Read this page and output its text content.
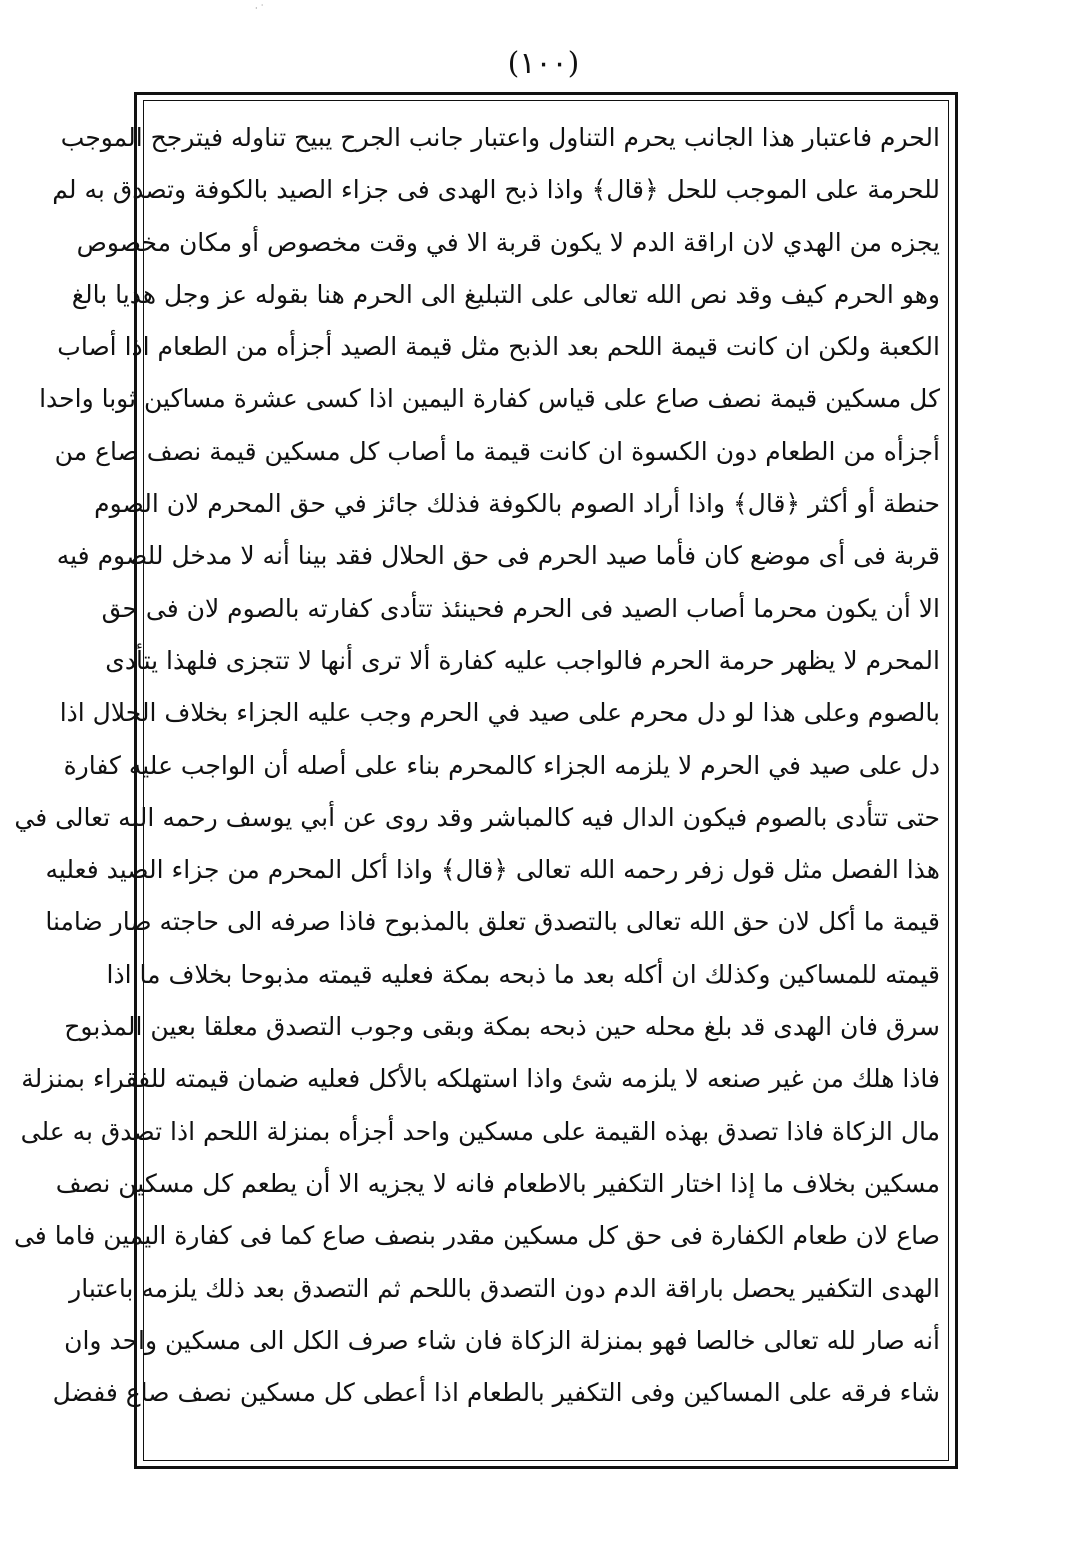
· ˙
(١٠٠)
الحرم فاعتبار هذا الجانب يحرم التناول واعتبار جانب الجرح يبيح تناوله فيترجح الموجب
للحرمة على الموجب للحل ﴿قال﴾ واذا ذبح الهدى فى جزاء الصيد بالكوفة وتصدق به لم
يجزه من الهدي لان اراقة الدم لا يكون قربة الا في وقت مخصوص أو مكان مخصوص
وهو الحرم كيف وقد نص الله تعالى على التبليغ الى الحرم هنا بقوله عز وجل هديا بالغ
الكعبة ولكن ان كانت قيمة اللحم بعد الذبح مثل قيمة الصيد أجزأه من الطعام اذا أصاب
كل مسكين قيمة نصف صاع على قياس كفارة اليمين اذا كسى عشرة مساكين ثوبا واحدا
أجزأه من الطعام دون الكسوة ان كانت قيمة ما أصاب كل مسكين قيمة نصف صاع من
حنطة أو أكثر ﴿قال﴾ واذا أراد الصوم بالكوفة فذلك جائز في حق المحرم لان الصوم
قربة فى أى موضع كان فأما صيد الحرم فى حق الحلال فقد بينا أنه لا مدخل للصوم فيه
الا أن يكون محرما أصاب الصيد فى الحرم فحينئذ تتأدى كفارته بالصوم لان فى حق
المحرم لا يظهر حرمة الحرم فالواجب عليه كفارة ألا ترى أنها لا تتجزى فلهذا يتأدى
بالصوم وعلى هذا لو دل محرم على صيد في الحرم وجب عليه الجزاء بخلاف الحلال اذا
دل على صيد في الحرم لا يلزمه الجزاء كالمحرم بناء على أصله أن الواجب عليه كفارة
حتى تتأدى بالصوم فيكون الدال فيه كالمباشر وقد روى عن أبي يوسف رحمه الله تعالى في
هذا الفصل مثل قول زفر رحمه الله تعالى ﴿قال﴾ واذا أكل المحرم من جزاء الصيد فعليه
قيمة ما أكل لان حق الله تعالى بالتصدق تعلق بالمذبوح فاذا صرفه الى حاجته صار ضامنا
قيمته للمساكين وكذلك ان أكله بعد ما ذبحه بمكة فعليه قيمته مذبوحا بخلاف ما اذا
سرق فان الهدى قد بلغ محله حين ذبحه بمكة وبقى وجوب التصدق معلقا بعين المذبوح
فاذا هلك من غير صنعه لا يلزمه شئ واذا استهلكه بالأكل فعليه ضمان قيمته للفقراء بمنزلة
مال الزكاة فاذا تصدق بهذه القيمة على مسكين واحد أجزأه بمنزلة اللحم اذا تصدق به على
مسكين بخلاف ما إذا اختار التكفير بالاطعام فانه لا يجزيه الا أن يطعم كل مسكين نصف
صاع لان طعام الكفارة فى حق كل مسكين مقدر بنصف صاع كما فى كفارة اليمين فاما فى
الهدى التكفير يحصل باراقة الدم دون التصدق باللحم ثم التصدق بعد ذلك يلزمه باعتبار
أنه صار لله تعالى خالصا فهو بمنزلة الزكاة فان شاء صرف الكل الى مسكين واحد وان
شاء فرقه على المساكين وفى التكفير بالطعام اذا أعطى كل مسكين نصف صاع ففضل
